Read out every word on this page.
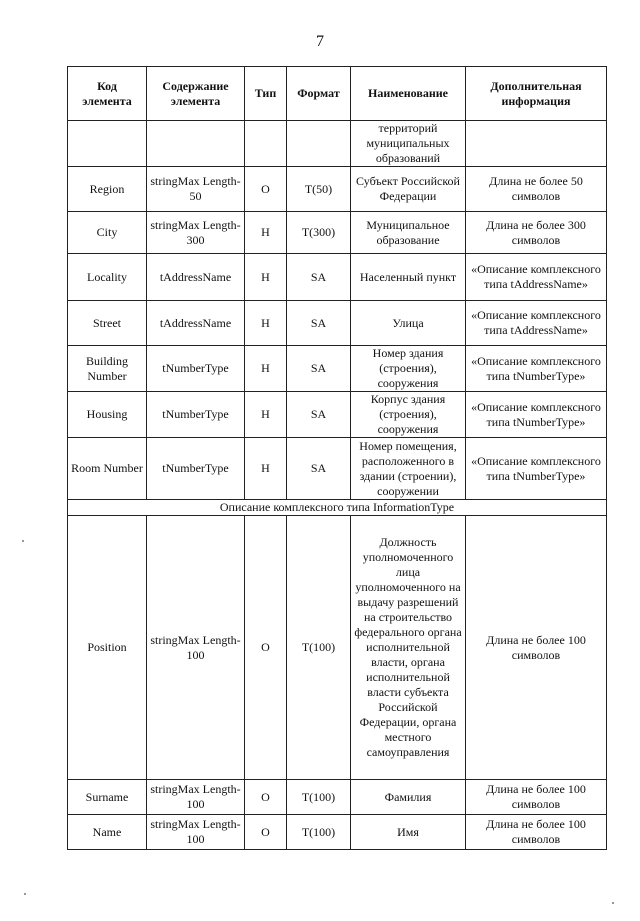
7
Код элемента	Содержание элемента	Тип	Формат	Наименование	Дополнительная информация
				территорий муниципальных образований	
Region	stringMax Length-50	О	T(50)	Субъект Российской Федерации	Длина не более 50 символов
City	stringMax Length-300	Н	T(300)	Муниципальное образование	Длина не более 300 символов
Locality	tAddressName	Н	SA	Населенный пункт	«Описание комплексного типа tAddressName»
Street	tAddressName	Н	SA	Улица	«Описание комплексного типа tAddressName»
Building Number	tNumberType	Н	SA	Номер здания (строения), сооружения	«Описание комплексного типа tNumberType»
Housing	tNumberType	Н	SA	Корпус здания (строения), сооружения	«Описание комплексного типа tNumberType»
Room Number	tNumberType	Н	SA	Номер помещения, расположенного в здании (строении), сооружении	«Описание комплексного типа tNumberType»
Описание комплексного типа InformationType					
Position	stringMax Length-100	О	T(100)	Должность уполномоченного лица уполномоченного на выдачу разрешений на строительство федерального органа исполнительной власти, органа исполнительной власти субъекта Российской Федерации, органа местного самоуправления	Длина не более 100 символов
Surname	stringMax Length-100	О	T(100)	Фамилия	Длина не более 100 символов
Name	stringMax Length-100	О	T(100)	Имя	Длина не более 100 символов
